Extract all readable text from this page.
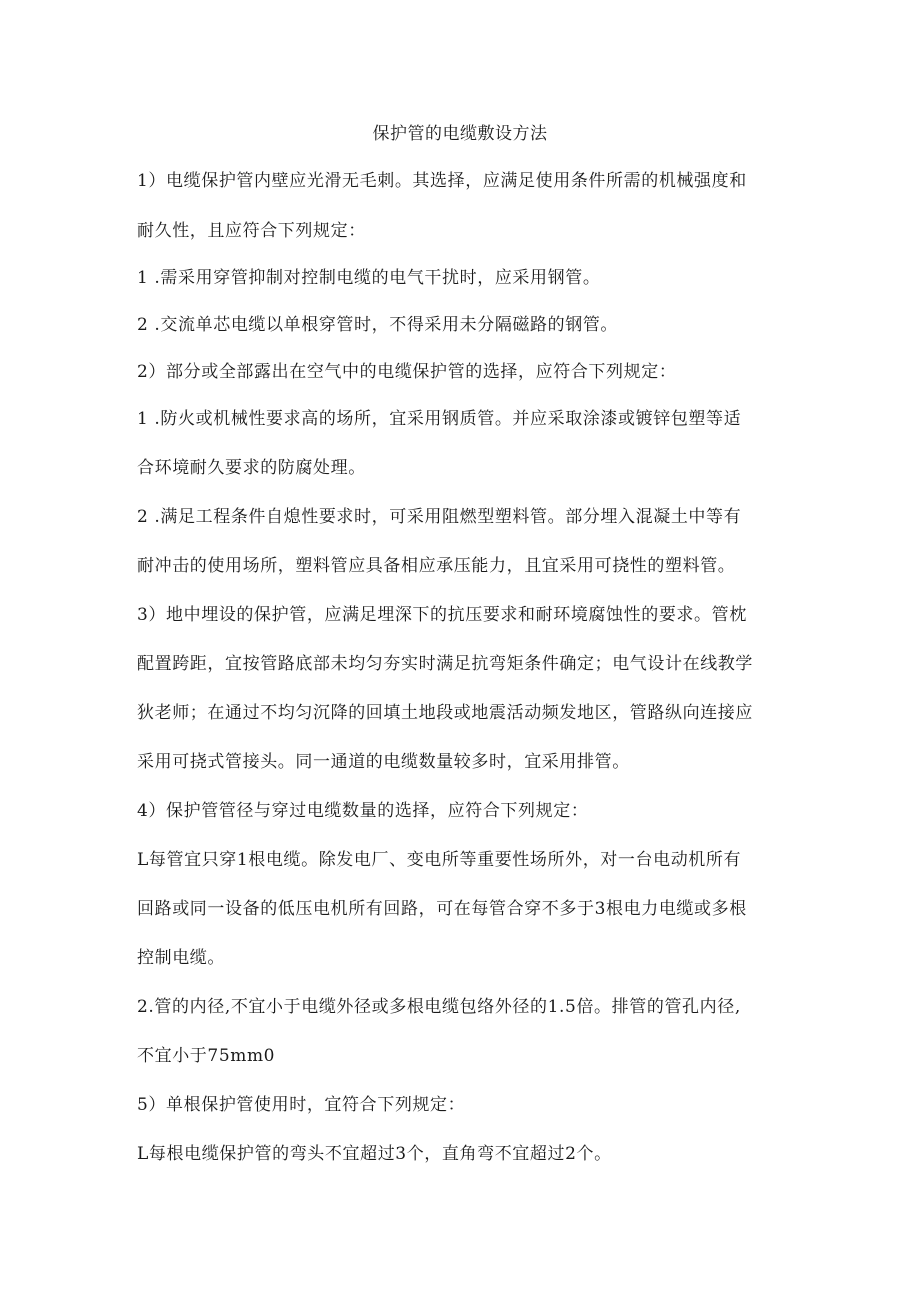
保护管的电缆敷设方法
1）电缆保护管内壁应光滑无毛刺。其选择，应满足使用条件所需的机械强度和
耐久性，且应符合下列规定：
1 .需采用穿管抑制对控制电缆的电气干扰时，应采用钢管。
2 .交流单芯电缆以单根穿管时，不得采用未分隔磁路的钢管。
2）部分或全部露出在空气中的电缆保护管的选择，应符合下列规定：
1 .防火或机械性要求高的场所，宜采用钢质管。并应采取涂漆或镀锌包塑等适
合环境耐久要求的防腐处理。
2 .满足工程条件自熄性要求时，可采用阻燃型塑料管。部分埋入混凝土中等有
耐冲击的使用场所，塑料管应具备相应承压能力，且宜采用可挠性的塑料管。
3）地中埋设的保护管，应满足埋深下的抗压要求和耐环境腐蚀性的要求。管枕
配置跨距，宜按管路底部未均匀夯实时满足抗弯矩条件确定；电气设计在线教学
狄老师；在通过不均匀沉降的回填土地段或地震活动频发地区，管路纵向连接应
采用可挠式管接头。同一通道的电缆数量较多时，宜采用排管。
4）保护管管径与穿过电缆数量的选择，应符合下列规定：
L每管宜只穿1根电缆。除发电厂、变电所等重要性场所外，对一台电动机所有
回路或同一设备的低压电机所有回路，可在每管合穿不多于3根电力电缆或多根
控制电缆。
2.管的内径,不宜小于电缆外径或多根电缆包络外径的1.5倍。排管的管孔内径,
不宜小于75mm0
5）单根保护管使用时，宜符合下列规定：
L每根电缆保护管的弯头不宜超过3个，直角弯不宜超过2个。
